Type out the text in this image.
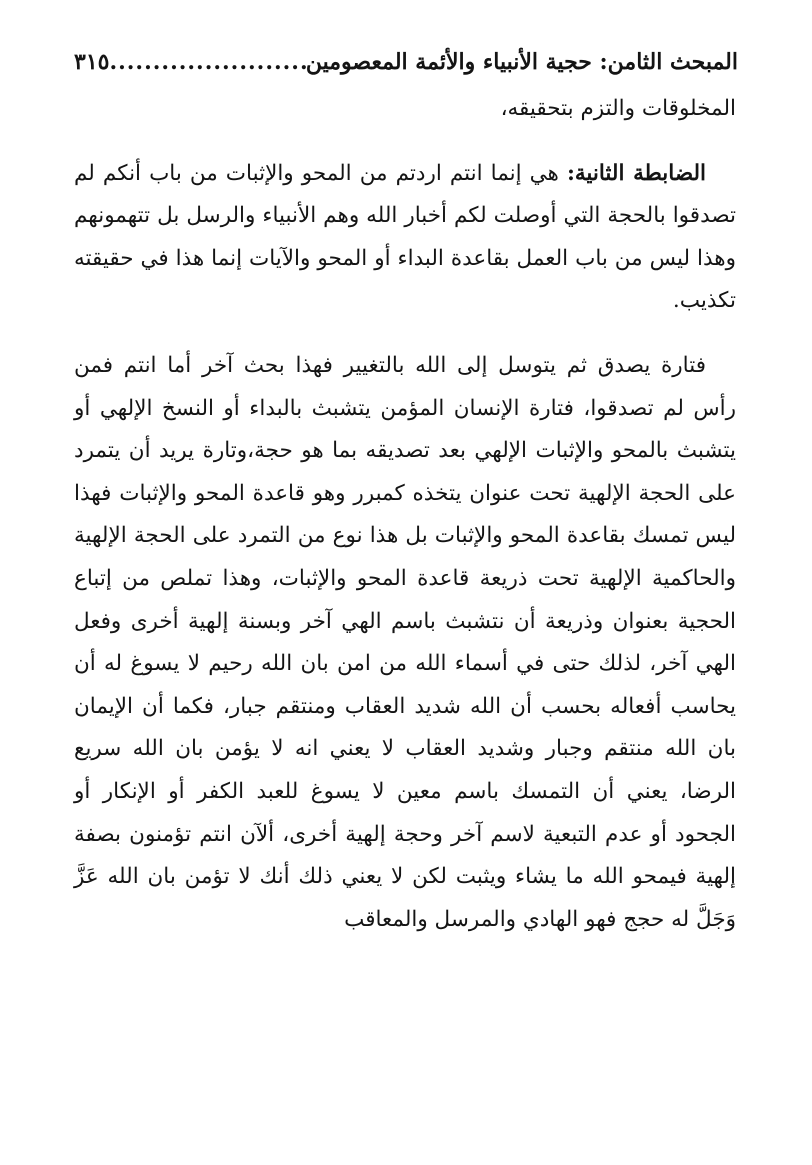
المبحث الثامن: حجية الأنبياء والأئمة المعصومين
.....
٣١٥

المخلوقات والتزم بتحقيقه،

الضابطة الثانية: هي إنما انتم اردتم من المحو والإثبات من باب أنكم لم تصدقوا بالحجة التي أوصلت لكم أخبار الله وهم الأنبياء والرسل بل تتهمونهم وهذا ليس من باب العمل بقاعدة البداء أو المحو والآيات إنما هذا في حقيقته تكذيب.

فتارة يصدق ثم يتوسل إلى الله بالتغيير فهذا بحث آخر أما انتم فمن رأس لم تصدقوا، فتارة الإنسان المؤمن يتشبث بالبداء أو النسخ الإلهي أو يتشبث بالمحو والإثبات الإلهي بعد تصديقه بما هو حجة،وتارة يريد أن يتمرد على الحجة الإلهية تحت عنوان يتخذه كمبرر وهو قاعدة المحو والإثبات فهذا ليس تمسك بقاعدة المحو والإثبات بل هذا نوع من التمرد على الحجة الإلهية والحاكمية الإلهية تحت ذريعة قاعدة المحو والإثبات، وهذا تملص من إتباع الحجية بعنوان وذريعة أن نتشبث باسم الهي آخر وبسنة إلهية أخرى وفعل الهي آخر، لذلك حتى في أسماء الله من امن بان الله رحيم لا يسوغ له أن يحاسب أفعاله بحسب أن الله شديد العقاب ومنتقم جبار، فكما أن الإيمان بان الله منتقم وجبار وشديد العقاب لا يعني انه لا يؤمن بان الله سريع الرضا، يعني أن التمسك باسم معين لا يسوغ للعبد الكفر أو الإنكار أو الجحود أو عدم التبعية لاسم آخر وحجة إلهية أخرى، ألآن انتم تؤمنون بصفة إلهية فيمحو الله ما يشاء ويثبت لكن لا يعني ذلك أنك لا تؤمن بان الله عَزَّ وَجَلَّ له حجج فهو الهادي والمرسل والمعاقب
